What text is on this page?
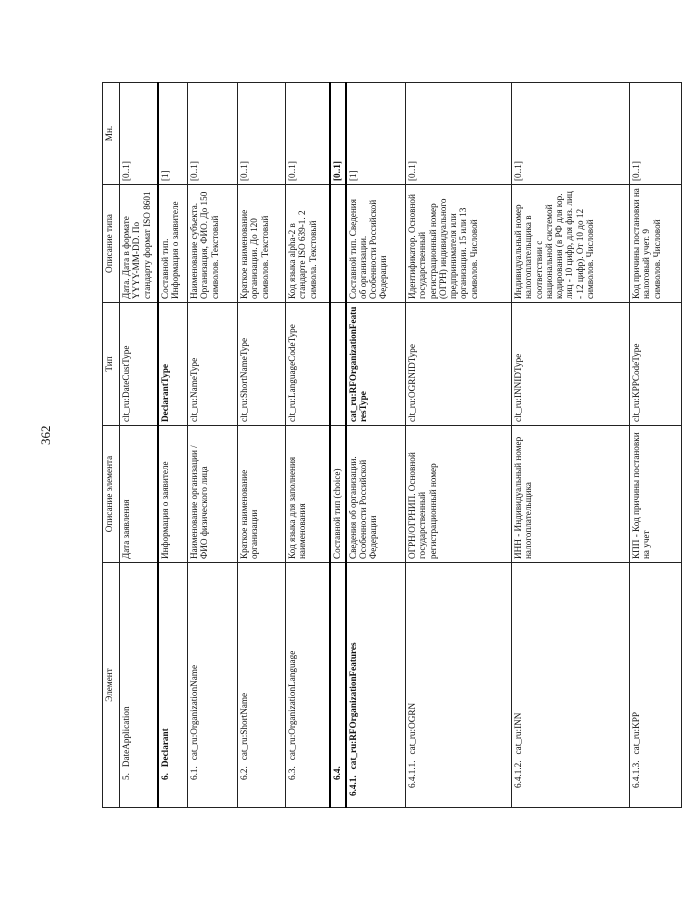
362
Элемент	Описание элемента	Тип	Описание типа	Мн.
5.DateApplication	Дата заявления	clt_ru:DateCustType	Дата. Дата в формате YYYY-MM-DD. По стандарту формат ISO 8601	[0..1]
6.Declarant	Информация о заявителе	DeclarantType	Составной тип. Информация о заявителе	[1]
6.1.cat_ru:OrganizationName	Наименование организации / ФИО физического лица	clt_ru:NameType	Наименование субъекта. Организация, ФИО. До 150 символов. Текстовый	[0..1]
6.2.cat_ru:ShortName	Краткое наименование организации	clt_ru:ShortNameType	Краткое наименование организации. До 120 символов. Текстовый	[0..1]
6.3.cat_ru:OrganizationLanguage	Код языка для заполнения наименования	clt_ru:LanguageCodeType	Код языка alpha-2 в стандарте ISO 639-1. 2 символа. Текстовый	[0..1]
6.4.	Составной тип (choice)			[0..1]
6.4.1.cat_ru:RFOrganizationFeatures	Сведения об организации. Особенности Российской Федерации	cat_ru:RFOrganizationFeaturesType	Составной тип. Сведения об организации. Особенности Российской Федерации	[1]
6.4.1.1.cat_ru:OGRN	ОГРН/ОГРНИП. Основной государственный регистрационный номер	clt_ru:OGRNIDType	Идентификатор. Основной государственный регистрационный номер (ОГРН) индивидуального предпринимателя или организации. 15 или 13 символов. Числовой	[0..1]
6.4.1.2.cat_ru:INN	ИНН - Индивидуальный номер налогоплательщика	clt_ru:INNIDType	Индивидуальный номер налогоплательщика в соответствии с национальной системой кодирования (в РФ для юр. лиц - 10 цифр, для физ. лиц - 12 цифр). От 10 до 12 символов. Числовой	[0..1]
6.4.1.3.cat_ru:KPP	КПП - Код причины постановки на учет	clt_ru:KPPCodeType	Код причины постановки на налоговый учет. 9 символов. Числовой	[0..1]
